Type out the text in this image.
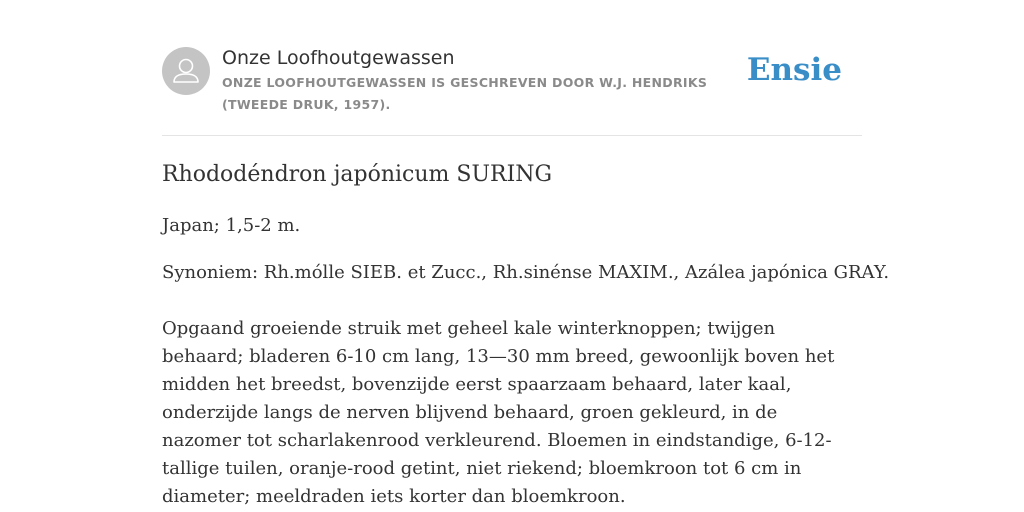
Onze Loofhoutgewassen
ONZE LOOFHOUTGEWASSEN IS GESCHREVEN DOOR W.J. HENDRIKS (TWEEDE DRUK, 1957).
Ensie
Rhododéndron japónicum SURING

Japan; 1,5-2 m.

Synoniem: Rh.mólle SIEB. et Zucc., Rh.sinénse MAXIM., Azálea japónica GRAY.

Opgaand groeiende struik met geheel kale winterknoppen; twijgen behaard; bladeren 6-10 cm lang, 13—30 mm breed, gewoonlijk boven het midden het breedst, bovenzijde eerst spaarzaam behaard, later kaal, onderzijde langs de nerven blijvend behaard, groen gekleurd, in de nazomer tot scharlakenrood verkleurend. Bloemen in eindstandige, 6-12-tallige tuilen, oranje-rood getint, niet riekend; bloemkroon tot 6 cm in diameter; meeldraden iets korter dan bloemkroon.
